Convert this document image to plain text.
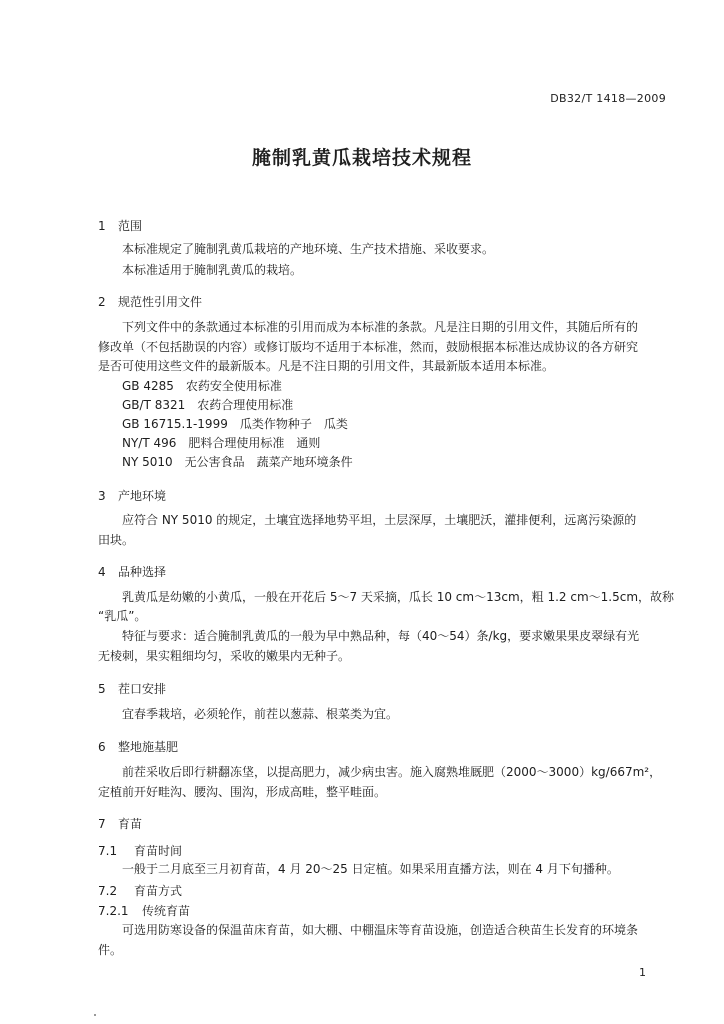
DB32/T 1418—2009
腌制乳黄瓜栽培技术规程
1 范围
本标准规定了腌制乳黄瓜栽培的产地环境、生产技术措施、采收要求。
本标准适用于腌制乳黄瓜的栽培。
2 规范性引用文件
下列文件中的条款通过本标准的引用而成为本标准的条款。凡是注日期的引用文件，其随后所有的
修改单（不包括勘误的内容）或修订版均不适用于本标准，然而，鼓励根据本标准达成协议的各方研究
是否可使用这些文件的最新版本。凡是不注日期的引用文件，其最新版本适用本标准。
GB 4285　农药安全使用标准
GB/T 8321　农药合理使用标准
GB 16715.1-1999　瓜类作物种子　瓜类
NY/T 496　肥料合理使用标准　通则
NY 5010　无公害食品　蔬菜产地环境条件
3 产地环境
应符合 NY 5010 的规定，土壤宜选择地势平坦，土层深厚，土壤肥沃，灌排便利，远离污染源的
田块。
4 品种选择
乳黄瓜是幼嫩的小黄瓜，一般在开花后 5～7 天采摘，瓜长 10 cm～13cm，粗 1.2 cm～1.5cm，故称
“乳瓜”。
特征与要求：适合腌制乳黄瓜的一般为早中熟品种，每（40～54）条/kg，要求嫩果果皮翠绿有光
无棱刺，果实粗细均匀，采收的嫩果内无种子。
5 茬口安排
宜春季栽培，必须轮作，前茬以葱蒜、根菜类为宜。
6 整地施基肥
前茬采收后即行耕翻冻垡，以提高肥力，减少病虫害。施入腐熟堆厩肥（2000～3000）kg/667m²，
定植前开好畦沟、腰沟、围沟，形成高畦，整平畦面。
7 育苗
7.1 育苗时间
一般于二月底至三月初育苗，4 月 20～25 日定植。如果采用直播方法，则在 4 月下旬播种。
7.2 育苗方式
7.2.1 传统育苗
可选用防寒设备的保温苗床育苗，如大棚、中棚温床等育苗设施，创造适合秧苗生长发育的环境条
件。
1
